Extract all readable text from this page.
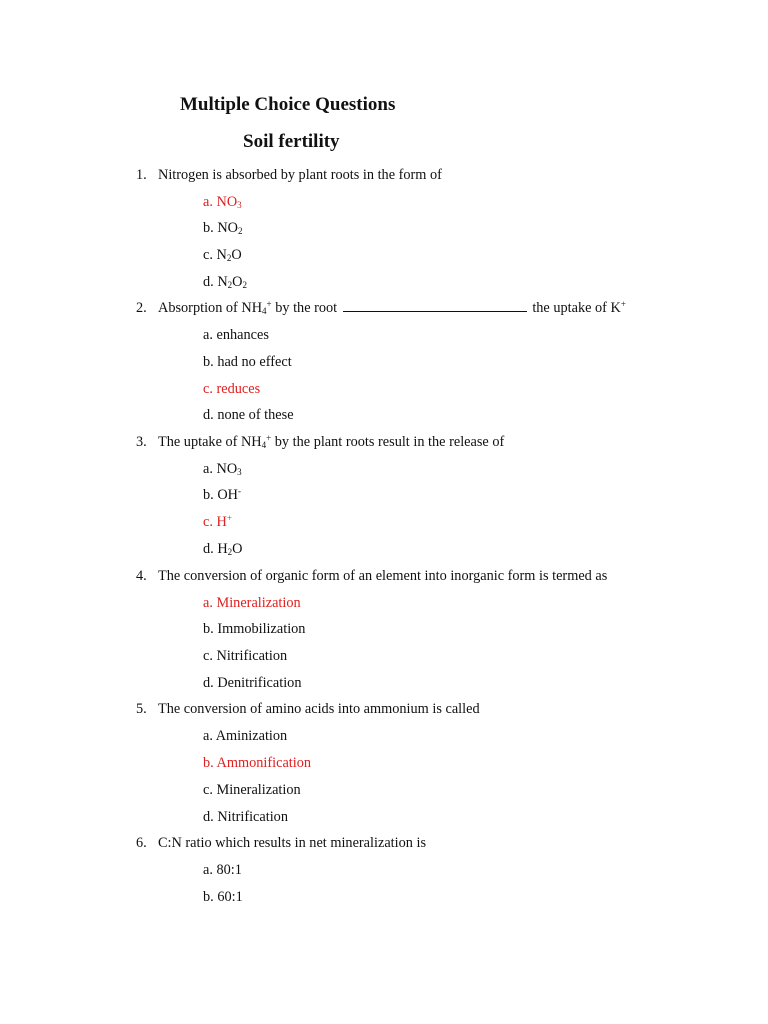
Multiple Choice Questions
Soil fertility
1. Nitrogen is absorbed by plant roots in the form of
a. $NO_3$
b. $NO_2$
c. $N_2O$
d. $N_2O_2$
2. Absorption of $NH_4^+$ by the root	the uptake of K+
a. enhances
b. had no effect
c. reduces
d. none of these
3. The uptake of $NH_4^+$ by the plant roots result in the release of
a. $NO_3$
b. OH-
c. H+
d. $H_2O$
4. The conversion of organic form of an element into inorganic form is termed as
a. Mineralization
b. Immobilization
c. Nitrification
d. Denitrification
5. The conversion of amino acids into ammonium is called
a. Aminization
b. Ammonification
c. Mineralization
d. Nitrification
6. C:N ratio which results in net mineralization is
a. 80:1
b. 60:1
